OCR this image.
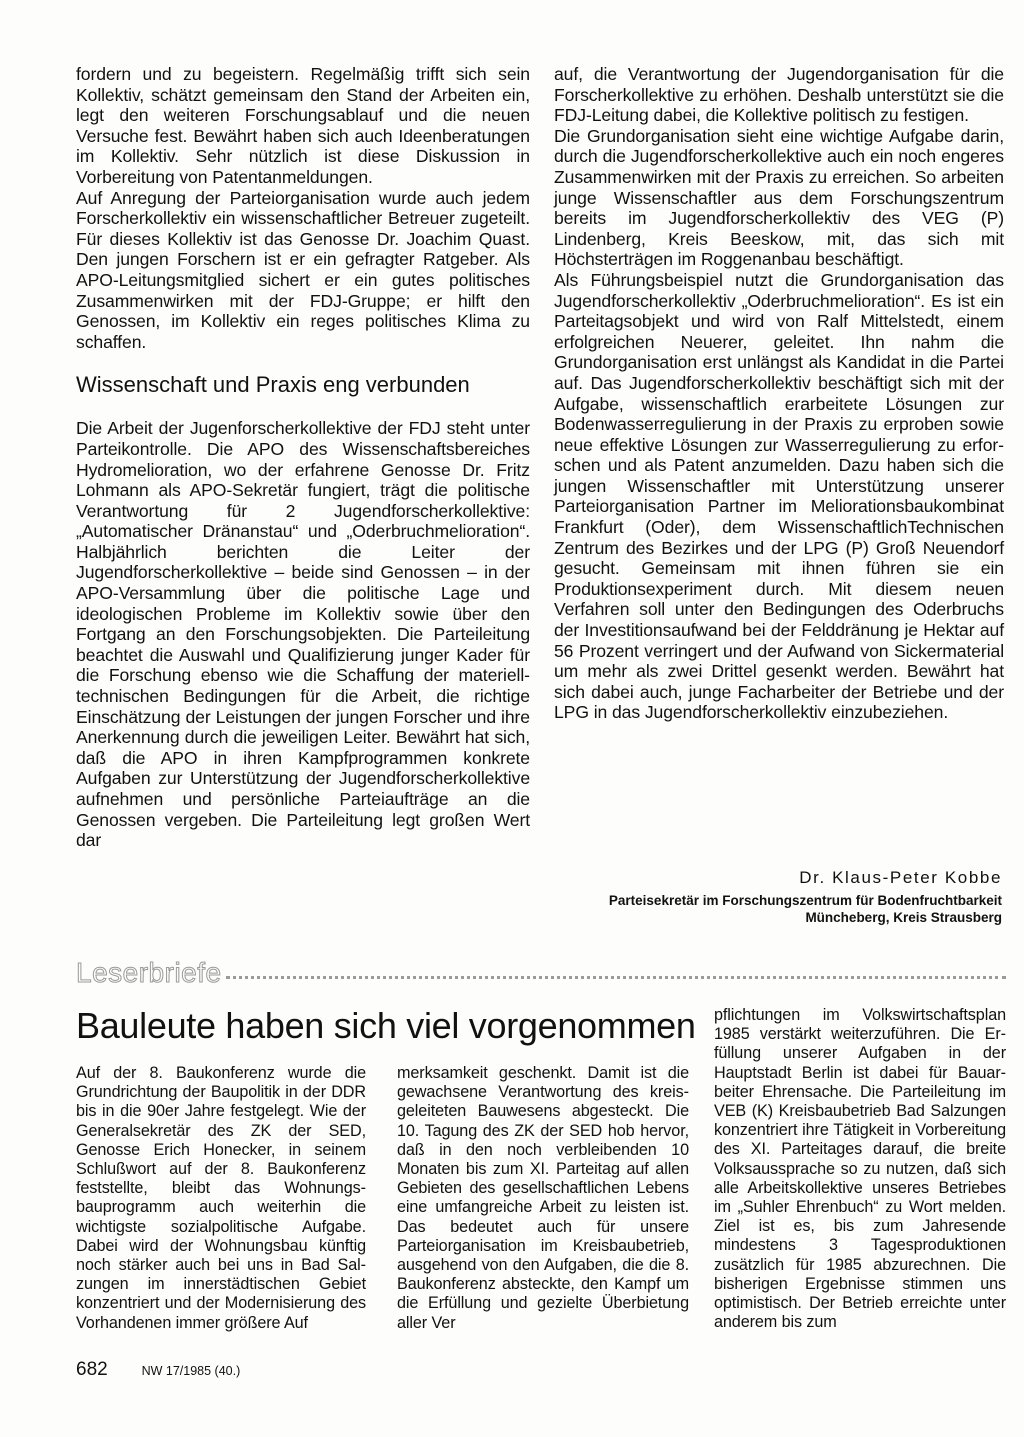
fordern und zu begeistern. Regelmäßig trifft sich sein Kollektiv, schätzt gemeinsam den Stand der Arbeiten ein, legt den weiteren Forschungsablauf und die neuen Versuche fest. Bewährt haben sich auch Ideenberatungen im Kollektiv. Sehr nützlich ist diese Diskussion in Vorbereitung von Patentanmeldungen.

Auf Anregung der Parteiorganisation wurde auch jedem Forscherkollektiv ein wissenschaftlicher Betreuer zugeteilt. Für dieses Kollektiv ist das Genosse Dr. Joachim Quast. Den jungen Forschern ist er ein gefragter Ratgeber. Als APO-Leitungsmitglied sichert er ein gutes politisches Zusammenwirken mit der FDJ-Gruppe; er hilft den Genossen, im Kollektiv ein reges politisches Klima zu schaffen.

Wissenschaft und Praxis eng verbunden

Die Arbeit der Jugenforscherkollektive der FDJ steht unter Parteikontrolle. Die APO des Wissenschaftsbereiches Hydromelioration, wo der erfahrene Genosse Dr. Fritz Lohmann als APO-Sekretär fungiert, trägt die politische Verantwortung für 2 Jugendforscherkollektive: „Automatischer Dränanstau“ und „Oderbruchmelioration“. Halbjährlich berichten die Leiter der Jugendforscherkollektive – beide sind Genossen – in der APO-Versammlung über die politische Lage und ideologischen Probleme im Kollektiv sowie über den Fortgang an den Forschungsobjekten. Die Parteileitung beachtet die Auswahl und Qualifizierung junger Kader für die Forschung ebenso wie die Schaffung der materielltechnischen Bedingungen für die Arbeit, die richtige Einschätzung der Leistungen der jungen Forscher und ihre Anerkennung durch die jeweiligen Leiter. Bewährt hat sich, daß die APO in ihren Kampfprogrammen konkrete Aufgaben zur Unterstützung der Jugendforscherkollektive aufnehmen und persönliche Parteiaufträge an die Genossen vergeben. Die Parteileitung legt großen Wert dar

auf, die Verantwortung der Jugendorganisation für die Forscherkollektive zu erhöhen. Deshalb unterstützt sie die FDJ-Leitung dabei, die Kollektive politisch zu festigen.

Die Grundorganisation sieht eine wichtige Aufgabe darin, durch die Jugendforscherkollektive auch ein noch engeres Zusammenwirken mit der Praxis zu erreichen. So arbeiten junge Wissenschaftler aus dem Forschungszentrum bereits im Jugendforscherkollektiv des VEG (P) Lindenberg, Kreis Beeskow, mit, das sich mit Höchsterträgen im Roggenanbau beschäftigt.

Als Führungsbeispiel nutzt die Grundorganisation das Jugendforscherkollektiv „Oderbruchmelioration“. Es ist ein Parteitagsobjekt und wird von Ralf Mittelstedt, einem erfolgreichen Neuerer, geleitet. Ihn nahm die Grundorganisation erst unlängst als Kandidat in die Partei auf. Das Jugendforscherkollektiv beschäftigt sich mit der Aufgabe, wissenschaftlich erarbeitete Lösungen zur Bodenwasserregulierung in der Praxis zu erproben sowie neue effektive Lösungen zur Wasserregulierung zu erforschen und als Patent anzumelden. Dazu haben sich die jungen Wissenschaftler mit Unterstützung unserer Parteiorganisation Partner im Meliorationsbaukombinat Frankfurt (Oder), dem WissenschaftlichTechnischen Zentrum des Bezirkes und der LPG (P) Groß Neuendorf gesucht. Gemeinsam mit ihnen führen sie ein Produktionsexperiment durch. Mit diesem neuen Verfahren soll unter den Bedingungen des Oderbruchs der Investitionsaufwand bei der Felddränung je Hektar auf 56 Prozent verringert und der Aufwand von Sickermaterial um mehr als zwei Drittel gesenkt werden. Bewährt hat sich dabei auch, junge Facharbeiter der Betriebe und der LPG in das Jugendforscherkollektiv einzubeziehen.

Dr. Klaus-Peter Kobbe
Parteisekretär im Forschungszentrum für Bodenfruchtbarkeit
Müncheberg, Kreis Strausberg
Leserbriefe
Bauleute haben sich viel vorgenommen

Auf der 8. Baukonferenz wurde die Grundrichtung der Baupolitik in der DDR bis in die 90er Jahre festgelegt. Wie der Generalsekretär des ZK der SED, Genosse Erich Honecker, in seinem Schlußwort auf der 8. Baukonferenz feststellte, bleibt das Wohnungsbauprogramm auch weiterhin die wichtigste sozialpolitische Aufgabe. Dabei wird der Wohnungsbau künftig noch stärker auch bei uns in Bad Salzungen im innerstädtischen Gebiet konzentriert und der Modernisierung des Vorhandenen immer größere Auf

merksamkeit geschenkt. Damit ist die gewachsene Verantwortung des kreisgeleiteten Bauwesens abgesteckt. Die 10. Tagung des ZK der SED hob hervor, daß in den noch verbleibenden 10 Monaten bis zum XI. Parteitag auf allen Gebieten des gesellschaftlichen Lebens eine umfangreiche Arbeit zu leisten ist. Das bedeutet auch für unsere Parteiorganisation im Kreisbaubetrieb, ausgehend von den Aufgaben, die die 8. Baukonferenz absteckte, den Kampf um die Erfüllung und gezielte Überbietung aller Ver

pflichtungen im Volkswirtschaftsplan 1985 verstärkt weiterzuführen. Die Erfüllung unserer Aufgaben in der Hauptstadt Berlin ist dabei für Bauarbeiter Ehrensache. Die Parteileitung im VEB (K) Kreisbaubetrieb Bad Salzungen konzentriert ihre Tätigkeit in Vorbereitung des XI. Parteitages darauf, die breite Volksaussprache so zu nutzen, daß sich alle Arbeitskollektive unseres Betriebes im „Suhler Ehrenbuch“ zu Wort melden. Ziel ist es, bis zum Jahresende mindestens 3 Tagesproduktionen zusätzlich für 1985 abzurechnen. Die bisherigen Ergebnisse stimmen uns optimistisch. Der Betrieb erreichte unter anderem bis zum

682	NW 17/1985 (40.)
